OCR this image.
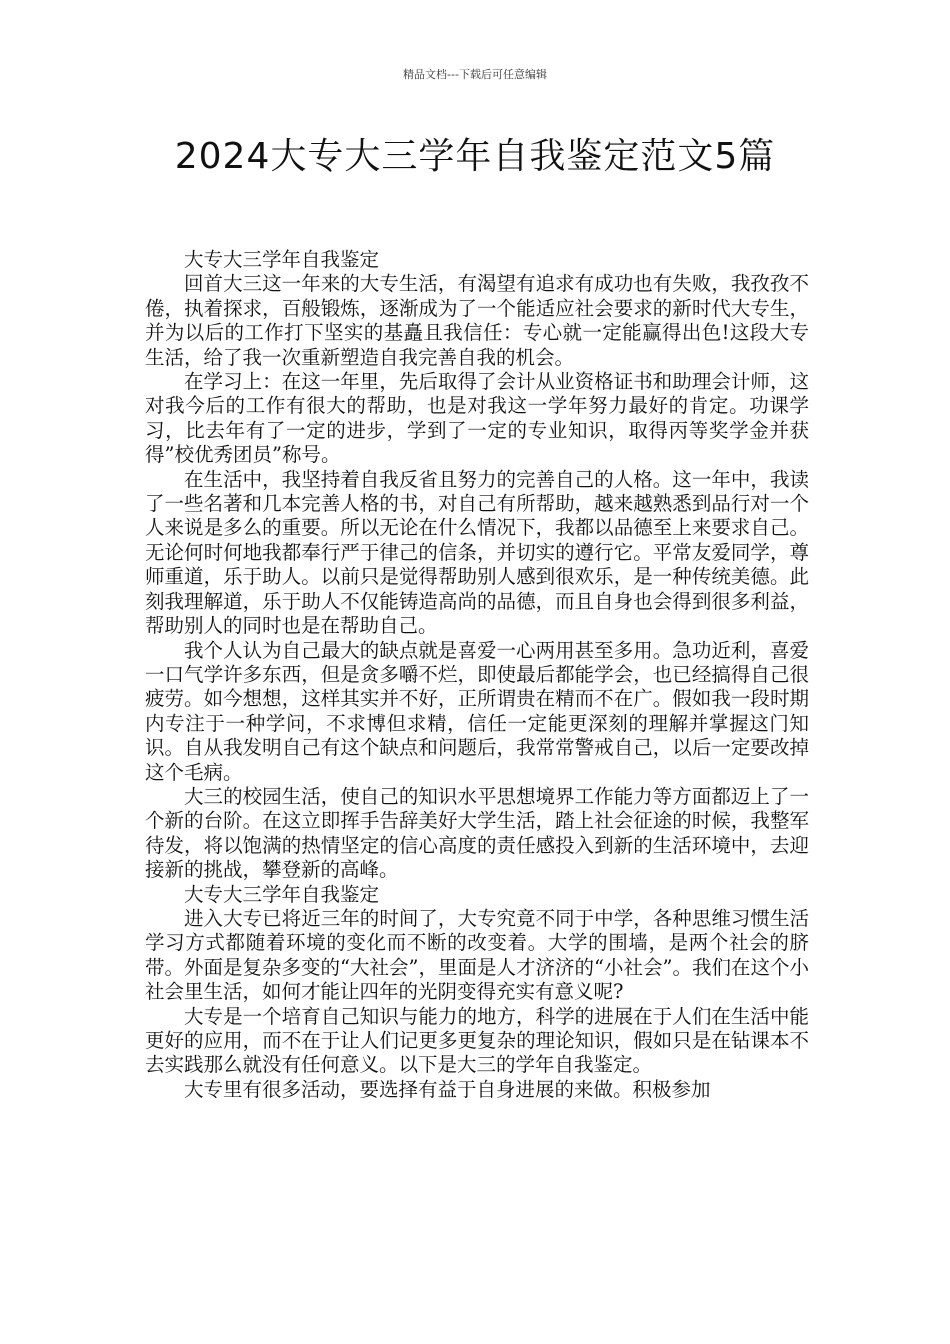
精品文档---下载后可任意编辑
2024大专大三学年自我鉴定范文5篇

大专大三学年自我鉴定

回首大三这一年来的大专生活，有渴望有追求有成功也有失败，我孜孜不倦，执着探求，百般锻炼，逐渐成为了一个能适应社会要求的新时代大专生，并为以后的工作打下坚实的基矗且我信任：专心就一定能赢得出色!这段大专生活，给了我一次重新塑造自我完善自我的机会。

在学习上：在这一年里，先后取得了会计从业资格证书和助理会计师，这对我今后的工作有很大的帮助，也是对我这一学年努力最好的肯定。功课学习，比去年有了一定的进步，学到了一定的专业知识，取得丙等奖学金并获得”校优秀团员”称号。

在生活中，我坚持着自我反省且努力的完善自己的人格。这一年中，我读了一些名著和几本完善人格的书，对自己有所帮助，越来越熟悉到品行对一个人来说是多么的重要。所以无论在什么情况下，我都以品德至上来要求自己。无论何时何地我都奉行严于律己的信条，并切实的遵行它。平常友爱同学，尊师重道，乐于助人。以前只是觉得帮助别人感到很欢乐，是一种传统美德。此刻我理解道，乐于助人不仅能铸造高尚的品德，而且自身也会得到很多利益，帮助别人的同时也是在帮助自己。

我个人认为自己最大的缺点就是喜爱一心两用甚至多用。急功近利，喜爱一口气学许多东西，但是贪多嚼不烂，即使最后都能学会，也已经搞得自己很疲劳。如今想想，这样其实并不好，正所谓贵在精而不在广。假如我一段时期内专注于一种学问，不求博但求精，信任一定能更深刻的理解并掌握这门知识。自从我发明自己有这个缺点和问题后，我常常警戒自己，以后一定要改掉这个毛病。

大三的校园生活，使自己的知识水平思想境界工作能力等方面都迈上了一个新的台阶。在这立即挥手告辞美好大学生活，踏上社会征途的时候，我整军待发，将以饱满的热情坚定的信心高度的责任感投入到新的生活环境中，去迎接新的挑战，攀登新的高峰。

大专大三学年自我鉴定

进入大专已将近三年的时间了，大专究竟不同于中学，各种思维习惯生活学习方式都随着环境的变化而不断的改变着。大学的围墙，是两个社会的脐带。外面是复杂多变的“大社会”，里面是人才济济的“小社会”。我们在这个小社会里生活，如何才能让四年的光阴变得充实有意义呢?

大专是一个培育自己知识与能力的地方，科学的进展在于人们在生活中能更好的应用，而不在于让人们记更多更复杂的理论知识，假如只是在钻课本不去实践那么就没有任何意义。以下是大三的学年自我鉴定。

大专里有很多活动，要选择有益于自身进展的来做。积极参加
